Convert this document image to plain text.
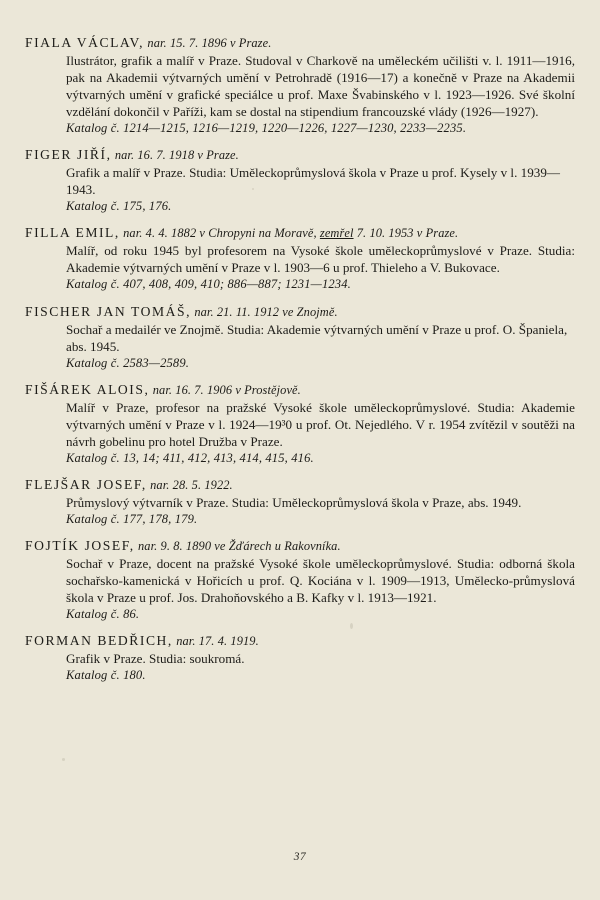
FIALA VÁCLAV, nar. 15. 7. 1896 v Praze.

Ilustrátor, grafik a malíř v Praze. Studoval v Charkově na uměleckém učilišti v. l. 1911—1916, pak na Akademii výtvarných umění v Petrohradě (1916—17) a konečně v Praze na Akademii výtvarných umění v grafické speciálce u prof. Maxe Švabinského v l. 1923—1926. Své školní vzdělání dokončil v Paříži, kam se dostal na stipendium francouzské vlády (1926—1927).

Katalog č. 1214—1215, 1216—1219, 1220—1226, 1227—1230, 2233—2235.

FIGER JIŘÍ, nar. 16. 7. 1918 v Praze.

Grafik a malíř v Praze. Studia: Uměleckoprůmyslová škola v Praze u prof. Kysely v l. 1939—1943.

Katalog č. 175, 176.

FILLA EMIL, nar. 4. 4. 1882 v Chropyni na Moravě, zemřel 7. 10. 1953 v Praze.

Malíř, od roku 1945 byl profesorem na Vysoké škole uměleckoprůmyslové v Praze. Studia: Akademie výtvarných umění v Praze v l. 1903—6 u prof. Thieleho a V. Bukovace.

Katalog č. 407, 408, 409, 410; 886—887; 1231—1234.

FISCHER JAN TOMÁŠ, nar. 21. 11. 1912 ve Znojmě.

Sochař a medailér ve Znojmě. Studia: Akademie výtvarných umění v Praze u prof. O. Španiela, abs. 1945.

Katalog č. 2583—2589.

FIŠÁREK ALOIS, nar. 16. 7. 1906 v Prostějově.

Malíř v Praze, profesor na pražské Vysoké škole uměleckoprůmyslové. Studia: Akademie výtvarných umění v Praze v l. 1924—19³0 u prof. Ot. Nejedlého. V r. 1954 zvítězil v soutěži na návrh gobelinu pro hotel Družba v Praze.

Katalog č. 13, 14; 411, 412, 413, 414, 415, 416.

FLEJŠAR JOSEF, nar. 28. 5. 1922.

Průmyslový výtvarník v Praze. Studia: Uměleckoprůmyslová škola v Praze, abs. 1949.

Katalog č. 177, 178, 179.

FOJTÍK JOSEF, nar. 9. 8. 1890 ve Žďárech u Rakovníka.

Sochař v Praze, docent na pražské Vysoké škole uměleckoprůmyslové. Studia: odborná škola sochařsko-kamenická v Hořicích u prof. Q. Kociána v l. 1909—1913, Umělecko-průmyslová škola v Praze u prof. Jos. Drahoňovského a B. Kafky v l. 1913—1921.

Katalog č. 86.

FORMAN BEDŘICH, nar. 17. 4. 1919.

Grafik v Praze. Studia: soukromá.

Katalog č. 180.

37
